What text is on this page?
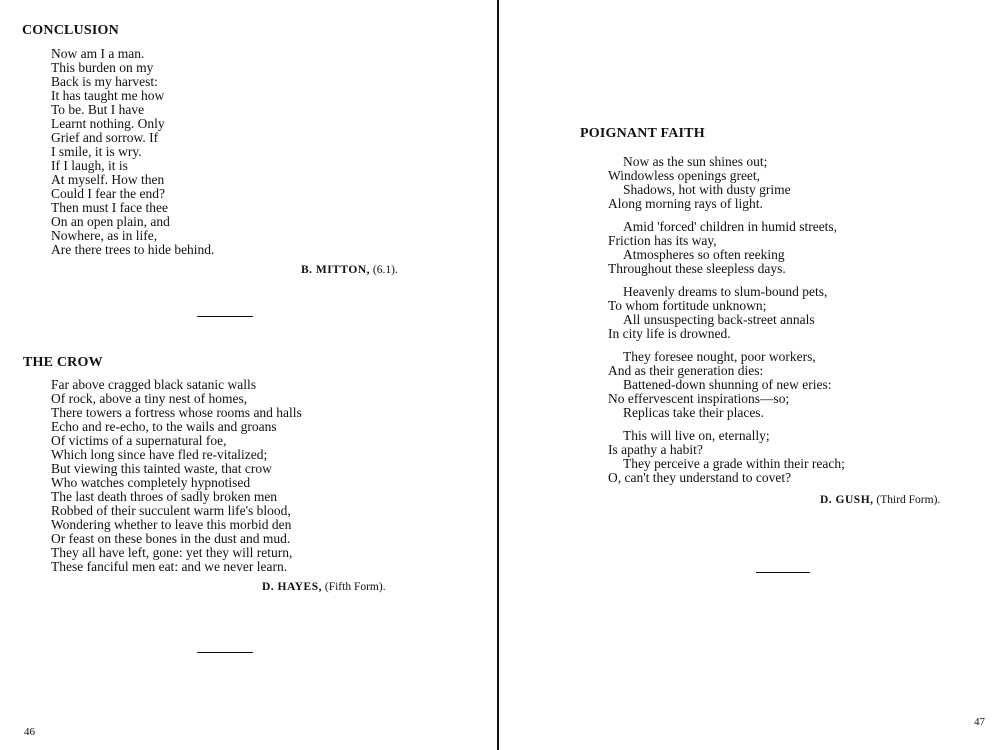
CONCLUSION
Now am I a man.
This burden on my
Back is my harvest:
It has taught me how
To be. But I have
Learnt nothing. Only
Grief and sorrow. If
I smile, it is wry.
If I laugh, it is
At myself. How then
Could I fear the end?
Then must I face thee
On an open plain, and
Nowhere, as in life,
Are there trees to hide behind.
B. MITTON, (6.1).
THE CROW
Far above cragged black satanic walls
Of rock, above a tiny nest of homes,
There towers a fortress whose rooms and halls
Echo and re-echo, to the wails and groans
Of victims of a supernatural foe,
Which long since have fled re-vitalized;
But viewing this tainted waste, that crow
Who watches completely hypnotised
The last death throes of sadly broken men
Robbed of their succulent warm life's blood,
Wondering whether to leave this morbid den
Or feast on these bones in the dust and mud.
They all have left, gone: yet they will return,
These fanciful men eat: and we never learn.
D. HAYES, (Fifth Form).
46
POIGNANT FAITH
Now as the sun shines out;
Windowless openings greet,
Shadows, hot with dusty grime
Along morning rays of light.
Amid 'forced' children in humid streets,
Friction has its way,
Atmospheres so often reeking
Throughout these sleepless days.
Heavenly dreams to slum-bound pets,
To whom fortitude unknown;
All unsuspecting back-street annals
In city life is drowned.
They foresee nought, poor workers,
And as their generation dies:
Battened-down shunning of new eries:
No effervescent inspirations—so;
Replicas take their places.
This will live on, eternally;
Is apathy a habit?
They perceive a grade within their reach;
O, can't they understand to covet?
D. GUSH, (Third Form).
47
